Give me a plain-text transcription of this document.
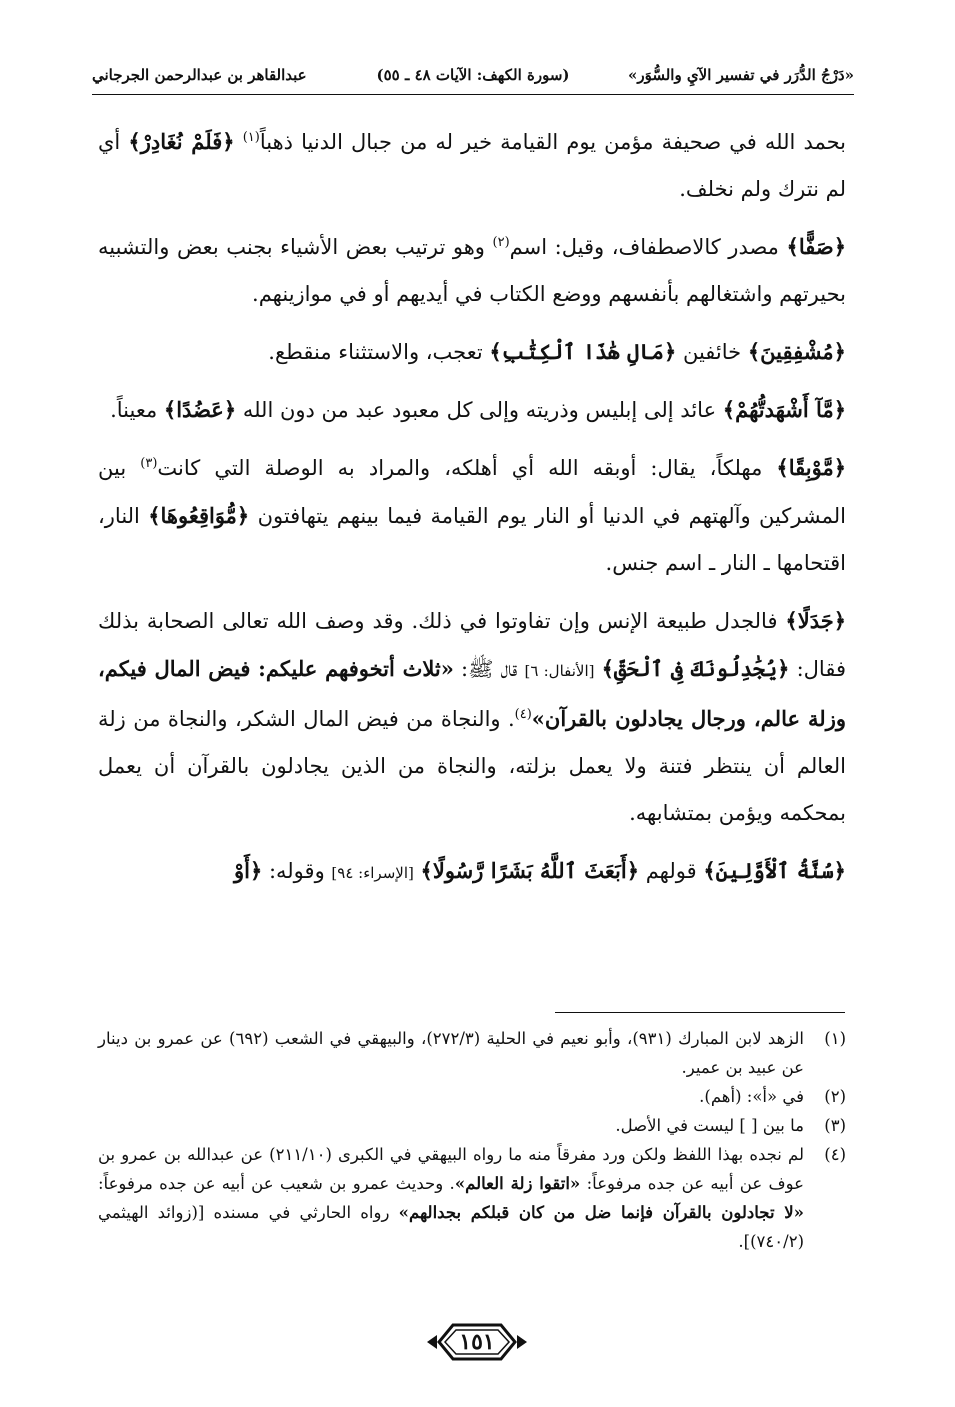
«دَرْجُ الدُّرَر في تفسير الآيِ والسُّوَر»
(سورة الكهف: الآيات ٤٨ ـ ٥٥)
عبدالقاهر بن عبدالرحمن الجرجاني

بحمد الله في صحيفة مؤمن يوم القيامة خير له من جبال الدنيا ذهباً$^{(١)}$ ﴿فَلَمْ نُغَادِرْ﴾ أي لم نترك ولم نخلف.

﴿صَفًّا﴾ مصدر كالاصطفاف، وقيل: اسم$^{(٢)}$ وهو ترتيب بعض الأشياء بجنب بعض والتشبيه بحيرتهم واشتغالهم بأنفسهم ووضع الكتاب في أيديهم أو في موازينهم.

﴿مُشْفِقِينَ﴾ خائفين ﴿مَالِ هَٰذَا ٱلْكِتَٰبِ﴾ تعجب، والاستثناء منقطع.

﴿مَّآ أَشْهَدتُّهُمْ﴾ عائد إلى إبليس وذريته وإلى كل معبود عبد من دون الله ﴿عَضُدًا﴾ معيناً.

﴿مَّوْبِقًا﴾ مهلكاً، يقال: أوبقه الله أي أهلكه، والمراد به الوصلة التي كانت$^{(٣)}$ بين المشركين وآلهتهم في الدنيا أو النار يوم القيامة فيما بينهم يتهافتون ﴿مُّوَاقِعُوهَا﴾ النار، اقتحامها ـ النار ـ اسم جنس.

﴿جَدَلًا﴾ فالجدل طبيعة الإنس وإن تفاوتوا في ذلك. وقد وصف الله تعالى الصحابة بذلك فقال: ﴿يُجَٰدِلُونَكَ فِى ٱلْحَقِّ﴾ [الأنفال: ٦] قال ﷺ: «ثلاث أتخوفهم عليكم: فيض المال فيكم، وزلة عالم، ورجال يجادلون بالقرآن»$^{(٤)}$. والنجاة من فيض المال الشكر، والنجاة من زلة العالم أن ينتظر فتنة ولا يعمل بزلته، والنجاة من الذين يجادلون بالقرآن أن يعمل بمحكمه ويؤمن بمتشابهه.

﴿سُنَّةُ ٱلْأَوَّلِينَ﴾ قولهم ﴿أَبَعَثَ ٱللَّهُ بَشَرًا رَّسُولًا﴾ [الإسراء: ٩٤] وقوله: ﴿أَوْ

(١)
الزهد لابن المبارك (٩٣١)، وأبو نعيم في الحلية (٢٧٢/٣)، والبيهقي في الشعب (٦٩٢) عن عمرو بن دينار عن عبيد بن عمير.
(٢)
في «أ»: (أهم).
(٣)
ما بين [ ] ليست في الأصل.
(٤)
لم نجده بهذا اللفظ ولكن ورد مفرقاً منه ما رواه البيهقي في الكبرى (٢١١/١٠) عن عبدالله بن عمرو بن عوف عن أبيه عن جده مرفوعاً: «اتقوا زلة العالم». وحديث عمرو بن شعيب عن أبيه عن جده مرفوعاً: «لا تجادلون بالقرآن فإنما ضل من كان قبلكم بجدالهم» رواه الحارثي في مسنده [(زوائد الهيثمي (٧٤٠/٢)].
١٥١
